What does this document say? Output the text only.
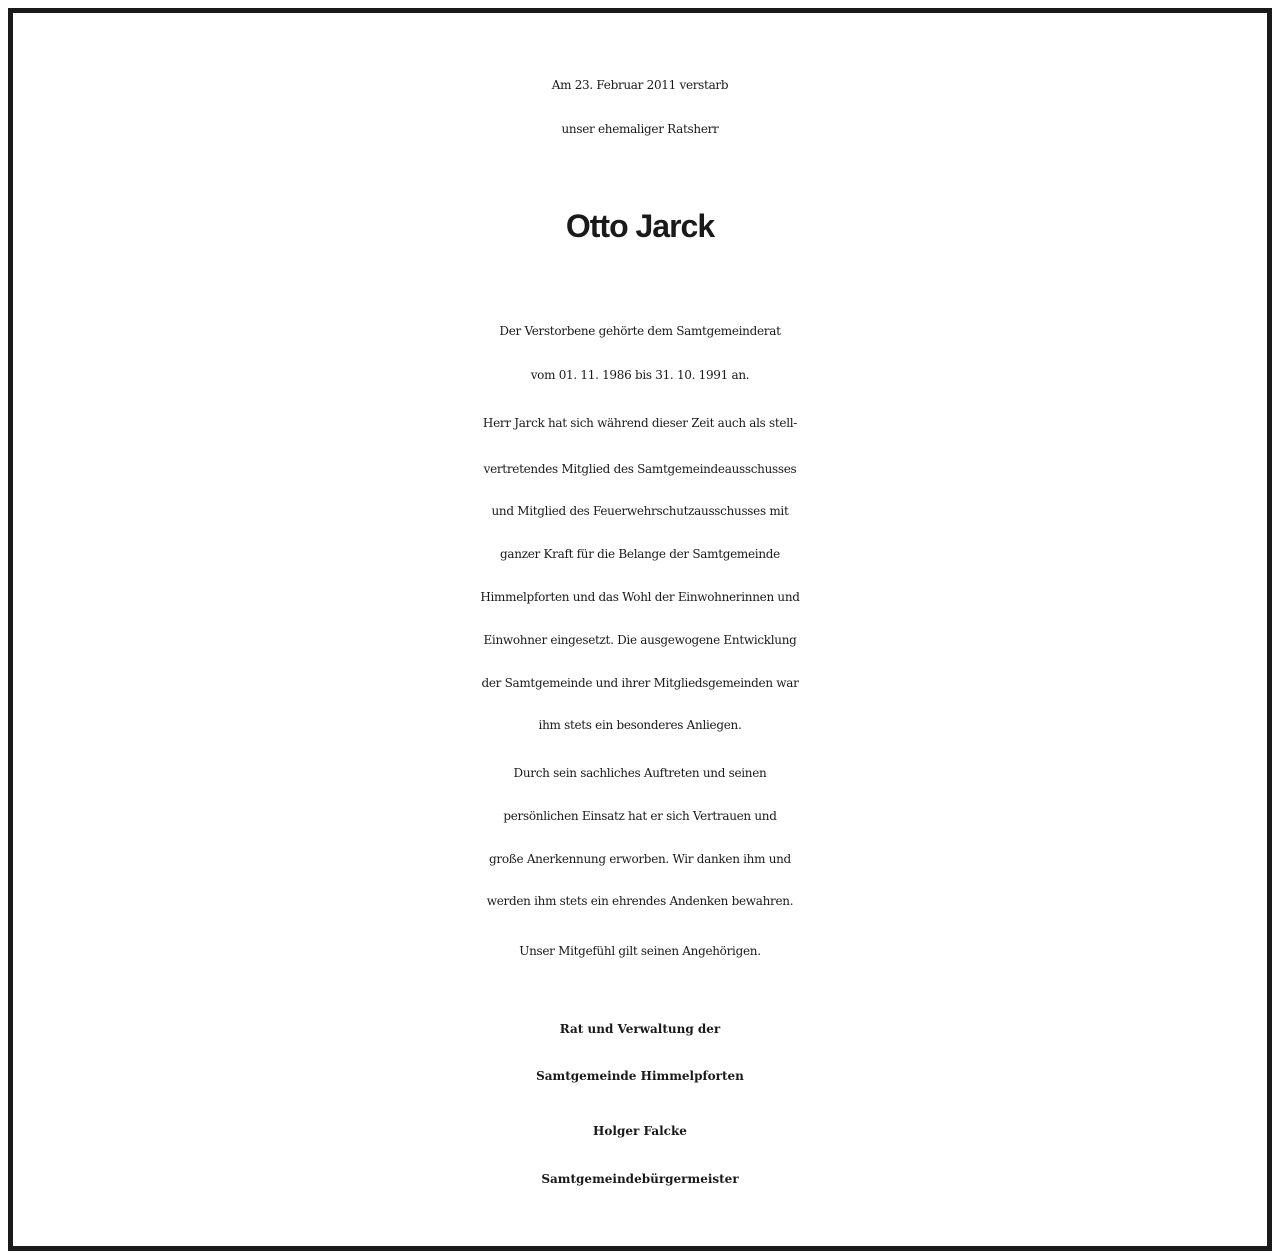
Am 23. Februar 2011 verstarb
unser ehemaliger Ratsherr
Otto Jarck
Der Verstorbene gehörte dem Samtgemeinderat
vom 01. 11. 1986 bis 31. 10. 1991 an.
Herr Jarck hat sich während dieser Zeit auch als stell-
vertretendes Mitglied des Samtgemeindeausschusses
und Mitglied des Feuerwehrschutzausschusses mit
ganzer Kraft für die Belange der Samtgemeinde
Himmelpforten und das Wohl der Einwohnerinnen und
Einwohner eingesetzt. Die ausgewogene Entwicklung
der Samtgemeinde und ihrer Mitgliedsgemeinden war
ihm stets ein besonderes Anliegen.
Durch sein sachliches Auftreten und seinen
persönlichen Einsatz hat er sich Vertrauen und
große Anerkennung erworben. Wir danken ihm und
werden ihm stets ein ehrendes Andenken bewahren.
Unser Mitgefühl gilt seinen Angehörigen.
Rat und Verwaltung der
Samtgemeinde Himmelpforten
Holger Falcke
Samtgemeindebürgermeister
